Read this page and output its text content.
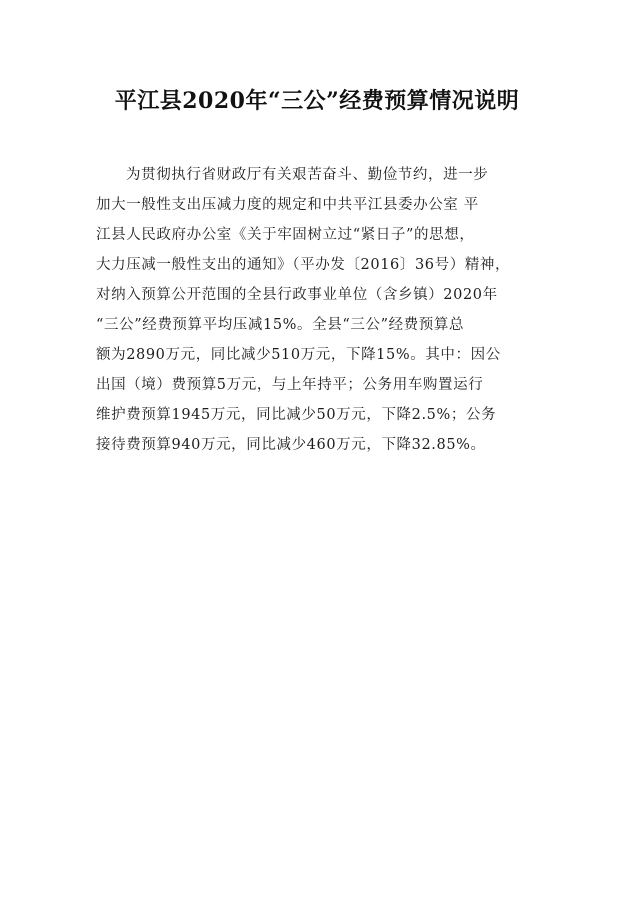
平江县2020年“三公”经费预算情况说明
为贯彻执行省财政厅有关艰苦奋斗、勤俭节约，进一步
加大一般性支出压减力度的规定和中共平江县委办公室 平
江县人民政府办公室《关于牢固树立过“紧日子”的思想，
大力压减一般性支出的通知》（平办发〔2016〕36号）精神，
对纳入预算公开范围的全县行政事业单位（含乡镇）2020年
“三公”经费预算平均压减15%。全县“三公”经费预算总
额为2890万元，同比减少510万元，下降15%。其中：因公
出国（境）费预算5万元，与上年持平；公务用车购置运行
维护费预算1945万元，同比减少50万元，下降2.5%；公务
接待费预算940万元，同比减少460万元，下降32.85%。
